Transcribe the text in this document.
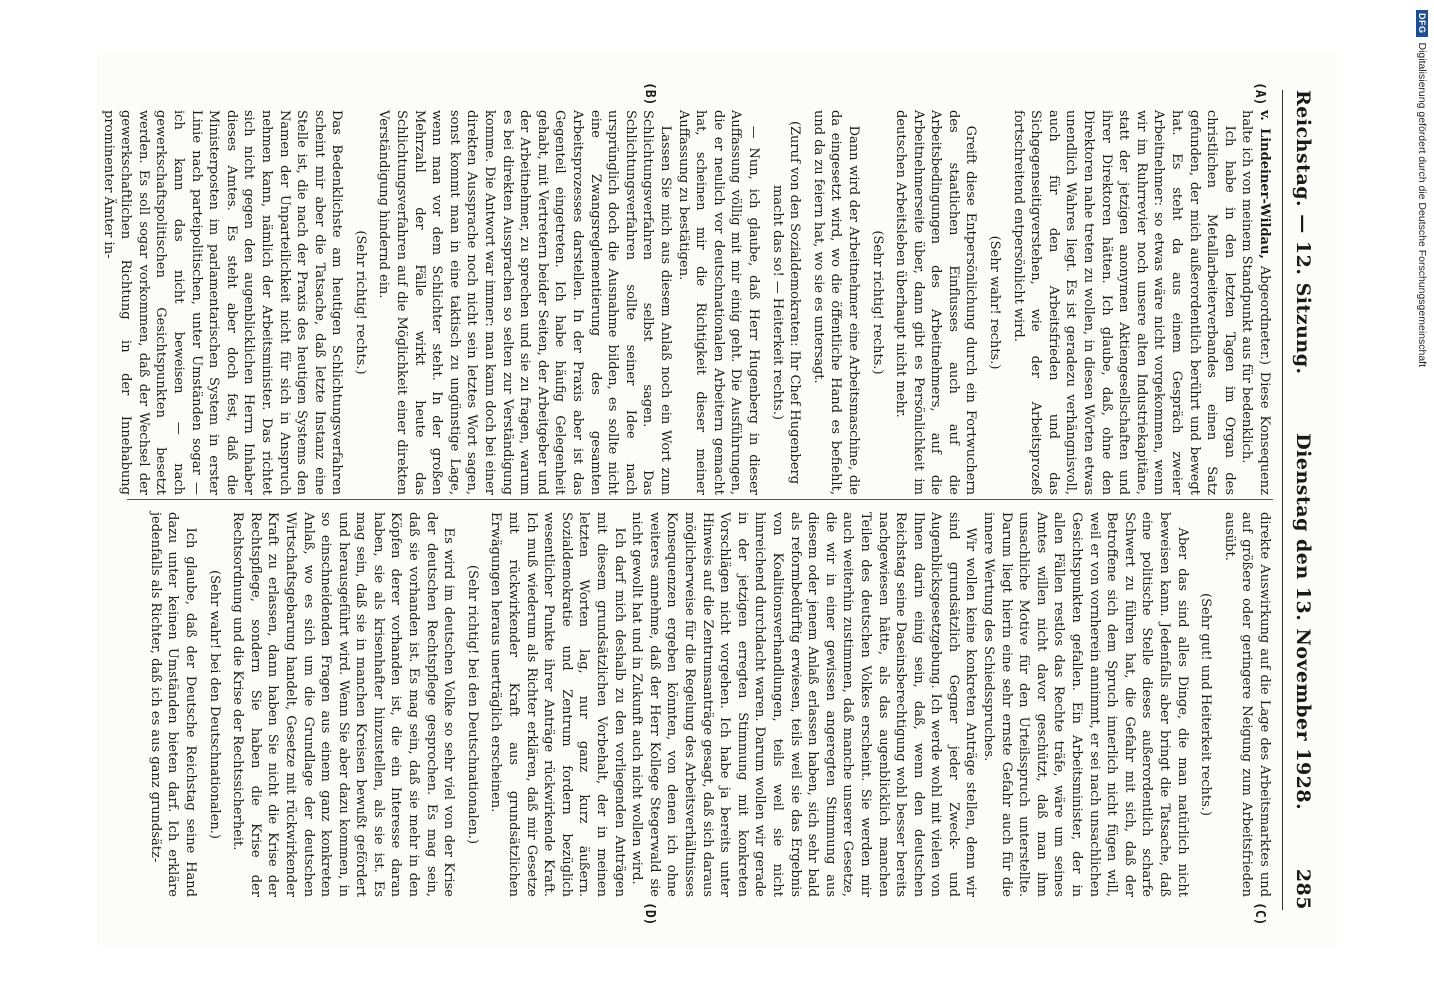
Reichstag. — 12. Sitzung.
Dienstag den 13. November 1928.
285
(A)
(B)
(C)
(D)

v. Lindeiner-Wildau, Abgeordneter.) Diese Konsequenz halte ich von meinem Standpunkt aus für bedenklich.

Ich habe in den letzten Tagen im Organ des christlichen Metallarbeiterverbandes einen Satz gefunden, der mich außerordentlich berührt und bewegt hat. Es steht da aus einem Gespräch zweier Arbeitnehmer: so etwas wäre nicht vorgekommen, wenn wir im Ruhrrevier noch unsere alten Industriekapitäne, statt der jetzigen anonymen Aktiengesellschaften und ihrer Direktoren hätten. Ich glaube, daß, ohne den Direktoren nahe treten zu wollen, in diesen Worten etwas unendlich Wahres liegt. Es ist geradezu verhängnisvoll, auch für den Arbeitsfrieden und das Sichgegenseitigverstehen, wie der Arbeitsprozeß fortschreitend entpersönlicht wird.

(Sehr wahr! rechts.)

Greift diese Entpersönlichung durch ein Fortwuchern des staatlichen Einflusses auch auf die Arbeitsbedingungen des Arbeitnehmers, auf die Arbeitnehmerseite über, dann gibt es Persönlichkeit im deutschen Arbeitsleben überhaupt nicht mehr.

(Sehr richtig! rechts.)

Dann wird der Arbeitnehmer eine Arbeitsmaschine, die da eingesetzt wird, wo die öffentliche Hand es befiehlt, und da zu feiern hat, wo sie es untersagt.

(Zuruf von den Sozialdemokraten: Ihr Chef Hugenberg macht das so! — Heiterkeit rechts.)

— Nun, ich glaube, daß Herr Hugenberg in dieser Auffassung völlig mit mir einig geht. Die Ausführungen, die er neulich vor deutschnationalen Arbeitern gemacht hat, scheinen mir die Richtigkeit dieser meiner Auffassung zu bestätigen.

Lassen Sie mich aus diesem Anlaß noch ein Wort zum Schlichtungsverfahren selbst sagen. Das Schlichtungsverfahren sollte seiner Idee nach ursprünglich doch die Ausnahme bilden, es sollte nicht eine Zwangsreglementierung des gesamten Arbeitsprozesses darstellen. In der Praxis aber ist das Gegenteil eingetreten. Ich habe häufig Gelegenheit gehabt, mit Vertretern beider Seiten, der Arbeitgeber und der Arbeitnehmer, zu sprechen und sie zu fragen, warum es bei direkten Aussprachen so selten zur Verständigung komme. Die Antwort war immer: man kann doch bei einer direkten Aussprache noch nicht sein letztes Wort sagen, sonst kommt man in eine taktisch zu ungünstige Lage, wenn man vor dem Schlichter steht. In der großen Mehrzahl der Fälle wirkt heute das Schlichtungsverfahren auf die Möglichkeit einer direkten Verständigung hindernd ein.

(Sehr richtig! rechts.)

Das Bedenklichste am heutigen Schlichtungsverfahren scheint mir aber die Tatsache, daß letzte Instanz eine Stelle ist, die nach der Praxis des heutigen Systems den Namen der Unparteilichkeit nicht für sich in Anspruch nehmen kann, nämlich der Arbeitsminister. Das richtet sich nicht gegen den augenblicklichen Herrn Inhaber dieses Amtes. Es steht aber doch fest, daß die Ministerposten im parlamentarischen System in erster Linie nach parteipolitischen, unter Umständen sogar — ich kann das nicht beweisen — nach gewerkschaftspolitischen Gesichtspunkten besetzt werden. Es soll sogar vorkommen, daß der Wechsel der gewerkschaftlichen Richtung in der Innehabung prominenter Ämter in-

direkte Auswirkung auf die Lage des Arbeitsmarktes und auf größere oder geringere Neigung zum Arbeitsfrieden ausübt.

(Sehr gut! und Heiterkeit rechts.)

Aber das sind alles Dinge, die man natürlich nicht beweisen kann. Jedenfalls aber bringt die Tatsache, daß eine politische Stelle dieses außerordentlich scharfe Schwert zu führen hat, die Gefahr mit sich, daß der Betroffene sich dem Spruch innerlich nicht fügen will, weil er von vornherein annimmt, er sei nach unsachlichen Gesichtspunkten gefallen. Ein Arbeitsminister, der in allen Fällen restlos das Rechte träfe, wäre um seines Amtes willen nicht davor geschützt, daß man ihm unsachliche Motive für den Urteilsspruch unterstellte. Darum liegt hierin eine sehr ernste Gefahr auch für die innere Wertung des Schiedsspruches.

Wir wollen keine konkreten Anträge stellen, denn wir sind grundsätzlich Gegner jeder Zweck- und Augenblicksgesetzgebung. Ich werde wohl mit vielen von Ihnen darin einig sein, daß, wenn den deutschen Reichstag seine Daseinsberechtigung wohl besser bereits nachgewiesen hätte, als das augenblicklich manchen Teilen des deutschen Volkes erscheint. Sie werden mir auch weiterhin zustimmen, daß manche unserer Gesetze, die wir in einer gewissen angeregten Stimmung aus diesem oder jenem Anlaß erlassen haben, sich sehr bald als reformbedürftig erwiesen, teils weil sie das Ergebnis von Koalitionsverhandlungen, teils weil sie nicht hinreichend durchdacht waren. Darum wollen wir gerade in der jetzigen erregten Stimmung mit konkreten Vorschlägen nicht vorgehen. Ich habe ja bereits unter Hinweis auf die Zentrumsanträge gesagt, daß sich daraus möglicherweise für die Regelung des Arbeitsverhältnisses Konsequenzen ergeben könnten, von denen ich ohne weiteres annehme, daß der Herr Kollege Stegerwald sie nicht gewollt hat und in Zukunft auch nicht wollen wird.

Ich darf mich deshalb zu den vorliegenden Anträgen mit diesem grundsätzlichen Vorbehalt, der in meinen letzten Worten lag, nur ganz kurz äußern. Sozialdemokratie und Zentrum fordern bezüglich wesentlicher Punkte ihrer Anträge rückwirkende Kraft. Ich muß wiederum als Richter erklären, daß mir Gesetze mit rückwirkender Kraft aus grundsätzlichen Erwägungen heraus unerträglich erscheinen.

(Sehr richtig! bei den Deutschnationalen.)

Es wird im deutschen Volke so sehr viel von der Krise der deutschen Rechtspflege gesprochen. Es mag sein, daß sie vorhanden ist. Es mag sein, daß sie mehr in den Köpfen derer vorhanden ist, die ein Interesse daran haben, sie als krisenhafter hinzustellen, als sie ist. Es mag sein, daß sie in manchen Kreisen bewußt gefördert und herausgeführt wird. Wenn Sie aber dazu kommen, in so einschneidenden Fragen aus einem ganz konkreten Anlaß, wo es sich um die Grundlage der deutschen Wirtschaftsgebarung handelt, Gesetze mit rückwirkender Kraft zu erlassen, dann haben Sie nicht die Krise der Rechtspflege, sondern Sie haben die Krise der Rechtsordnung und die Krise der Rechtssicherheit.

(Sehr wahr! bei den Deutschnationalen.)

Ich glaube, daß der Deutsche Reichstag seine Hand dazu unter keinen Umständen bieten darf. Ich erkläre jedenfalls als Richter, daß ich es aus ganz grundsätz-

DFG
Digitalisierung gefördert durch die Deutsche Forschungsgemeinschaft
